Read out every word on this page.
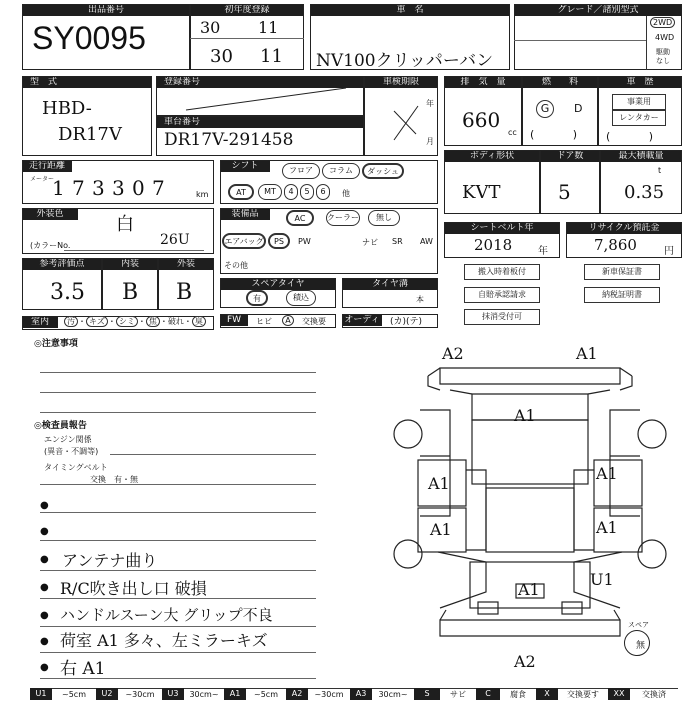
出品番号
SY0095
初年度登録
30 11
30 11
車　名
NV100クリッパーバン
グレード／諸別型式
2WD
4WD
駆動
なし
型　式
HBD-
DR17V
登録番号	車検期限
年
月
車台番号
DR17V-291458
排　気　量
660
cc
燃　　料
G	D
(           )
車　歴
事業用
レンタカー
(           )
走行距離
メーター
1 7 3 3 0 7	km
シフト	フロア	コラム	ダッシュ
AT	MT	4	5	6	他
ボディ形状
KVT
ドア数
5
最大積載量
t
0.35
外装色	白
(カラーNo.	26U
装備品	AC	クーラー	無し
エアバッグ	PS	PW	ナビ SR AW
その他
シートベルト年
2018	年
リサイクル預託金
7,860	円
参考評価点
3.5
内装
B
外装
B	スペアタイヤ
有	積込
タイヤ溝
本
搬入時着板付	新車保証書
自賠承認請求	納税証明書
抹消受付可
室内	汚 ・ キズ ・ シミ ・ 焦 ・破れ・ 臭	FW	ヒビ	A	交換要 オーディオ
(カ)(テ)
◎注意事項
◎検査員報告
エンジン関係
(異音・不調等)
タイミングベルト
交換　有・無
●
●
● アンテナ曲り
● R/C吹き出し口 破損
● ハンドルスーン大 グリップ不良
● 荷室 A1 多々、左ミラーキズ
● 右 A1
A2	A1
A1
A1
A1
A1	A1
A1
U1
A2
スペア
無
U1	~5cm	U2	~30cm	U3	30cm~	A1	~5cm	A2	~30cm	A3	30cm~	S	サビ	C	腐食	X	交換要す	XX	交換済
